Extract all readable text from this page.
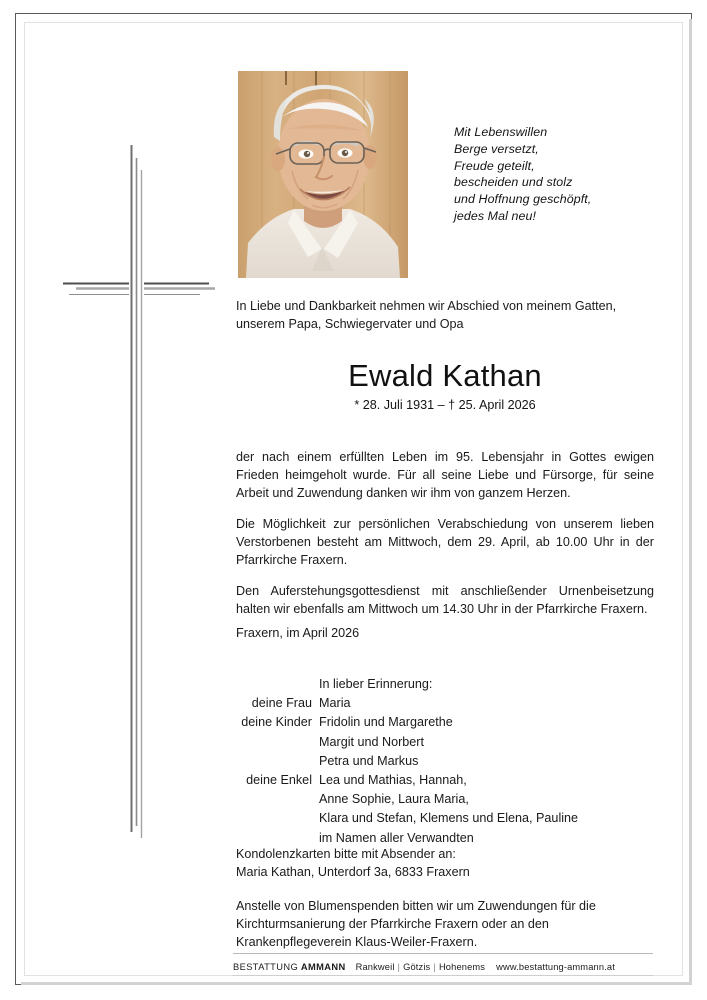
Mit Lebenswillen
Berge versetzt,
Freude geteilt,
bescheiden und stolz
und Hoffnung geschöpft,
jedes Mal neu!
In Liebe und Dankbarkeit nehmen wir Abschied von meinem Gatten,
unserem Papa, Schwiegervater und Opa
Ewald Kathan
* 28. Juli 1931 – † 25. April 2026

der nach einem erfüllten Leben im 95. Lebensjahr in Gottes ewigen Frieden heimgeholt wurde. Für all seine Liebe und Fürsorge, für seine Arbeit und Zuwendung danken wir ihm von ganzem Herzen.

Die Möglichkeit zur persönlichen Verabschiedung von unserem lieben Verstorbenen besteht am Mittwoch, dem 29. April, ab 10.00 Uhr in der Pfarrkirche Fraxern.

Den Auferstehungsgottesdienst mit anschließender Urnenbeisetzung halten wir ebenfalls am Mittwoch um 14.30 Uhr in der Pfarrkirche Fraxern.

Fraxern, im April 2026
	In lieber Erinnerung:
deine Frau	Maria
deine Kinder	Fridolin und Margarethe
	Margit und Norbert
	Petra und Markus
deine Enkel	Lea und Mathias, Hannah,
	Anne Sophie, Laura Maria,
	Klara und Stefan, Klemens und Elena, Pauline
	im Namen aller Verwandten
Kondolenzkarten bitte mit Absender an:
Maria Kathan, Unterdorf 3a, 6833 Fraxern
Anstelle von Blumenspenden bitten wir um Zuwendungen für die
Kirchturmsanierung der Pfarrkirche Fraxern oder an den
Krankenpflegeverein Klaus-Weiler-Fraxern.
BESTATTUNG AMMANN Rankweil | Götzis | Hohenems www.bestattung-ammann.at
